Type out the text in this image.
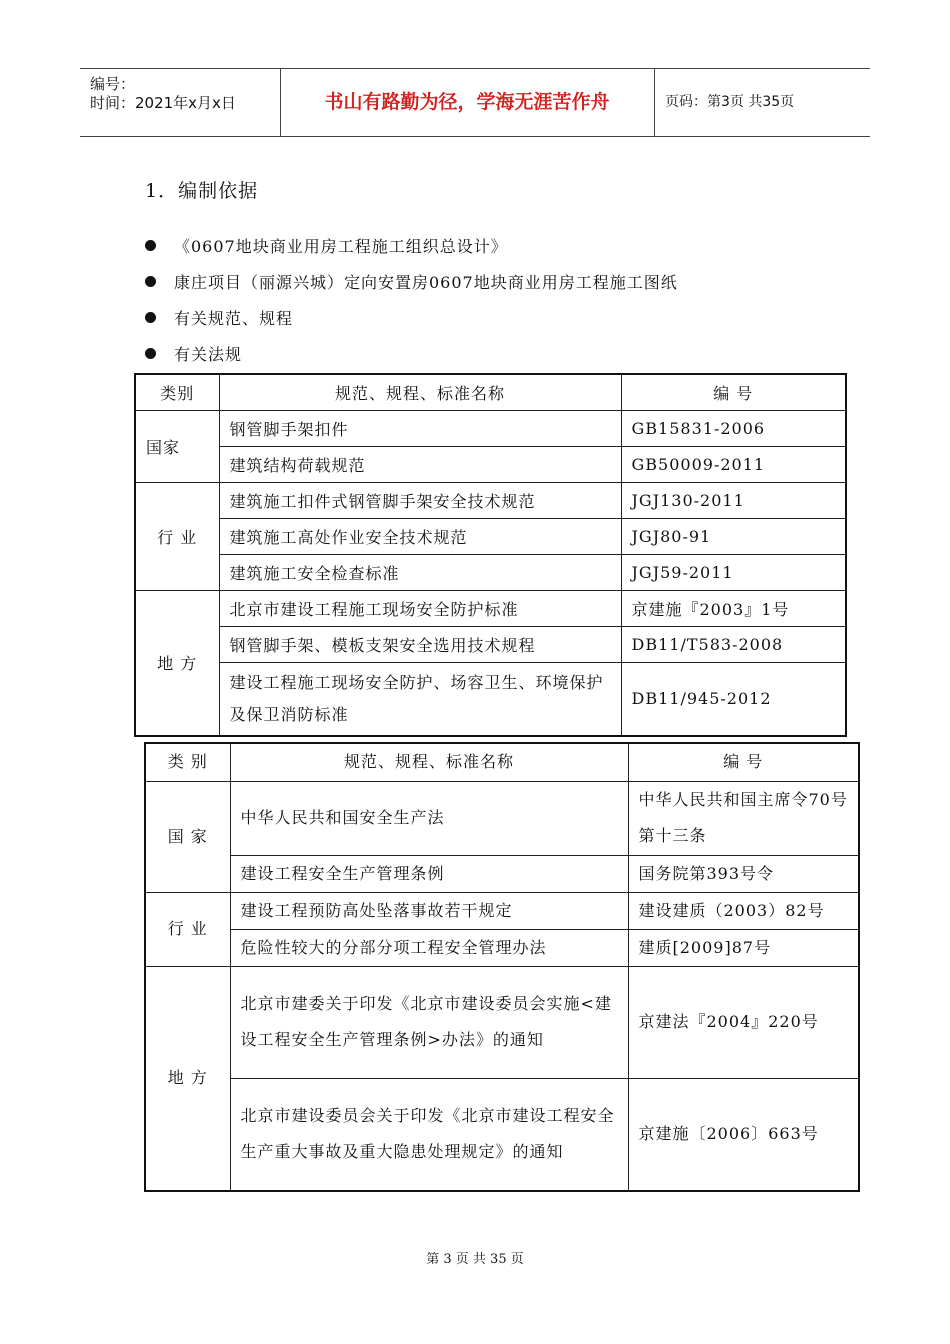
编号：
时间：2021年x月x日	书山有路勤为径，学海无涯苦作舟	页码：第3页 共35页
1．编制依据
《0607地块商业用房工程施工组织总设计》
康庄项目（丽源兴城）定向安置房0607地块商业用房工程施工图纸
有关规范、规程
有关法规
类别	规范、规程、标准名称	编 号
国家	钢管脚手架扣件	GB15831-2006
	建筑结构荷载规范	GB50009-2011
行 业	建筑施工扣件式钢管脚手架安全技术规范	JGJ130-2011
	建筑施工高处作业安全技术规范	JGJ80-91
	建筑施工安全检查标准	JGJ59-2011
地 方	北京市建设工程施工现场安全防护标准	京建施『2003』1号
	钢管脚手架、模板支架安全选用技术规程	DB11/T583-2008
	建设工程施工现场安全防护、场容卫生、环境保护及保卫消防标准	DB11/945-2012
类 别	规范、规程、标准名称	编 号
国 家	中华人民共和国安全生产法	中华人民共和国主席令70号第十三条
	建设工程安全生产管理条例	国务院第393号令
行 业	建设工程预防高处坠落事故若干规定	建设建质（2003）82号
	危险性较大的分部分项工程安全管理办法	建质[2009]87号
地 方	北京市建委关于印发《北京市建设委员会实施<建设工程安全生产管理条例>办法》的通知	京建法『2004』220号
	北京市建设委员会关于印发《北京市建设工程安全生产重大事故及重大隐患处理规定》的通知	京建施〔2006〕663号
第 3 页 共 35 页
